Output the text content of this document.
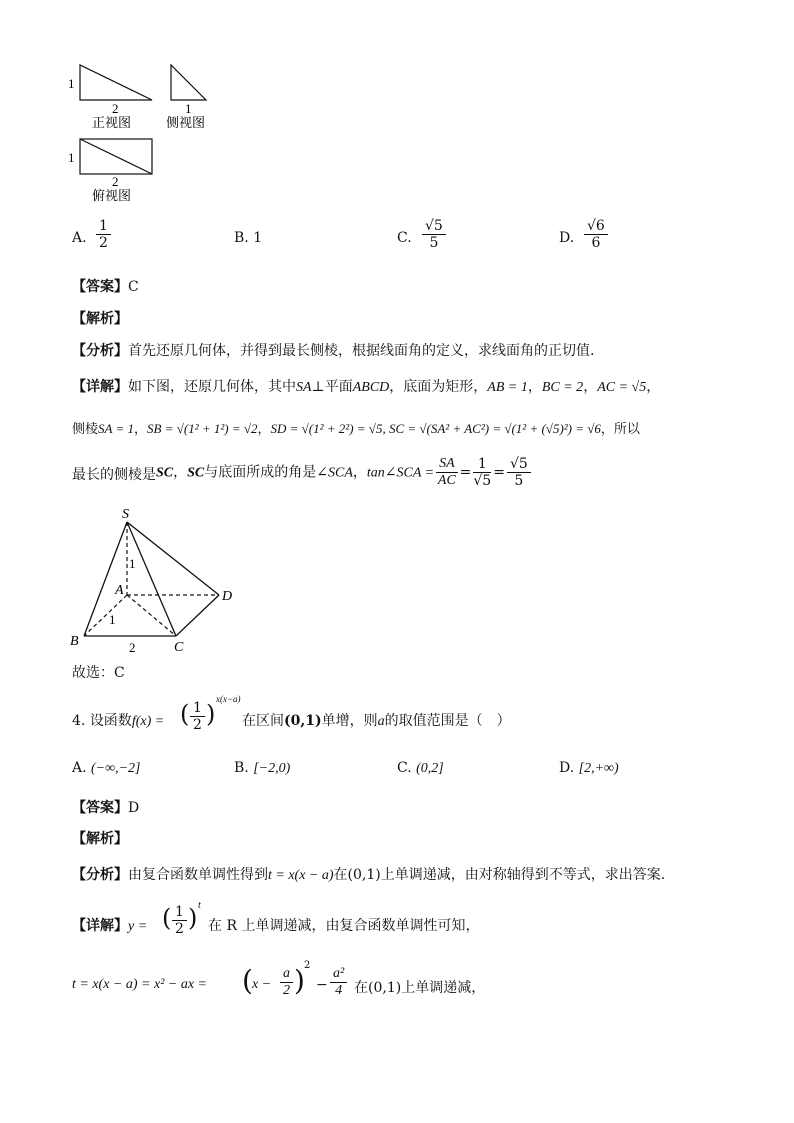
1
2
正视图
1
侧视图
1
2
俯视图
A. $\frac{1}{2}$	B. 1	C. $\frac{√5}{5}$	D. $\frac{√6}{6}$
【答案】C
【解析】
【分析】首先还原几何体，并得到最长侧棱，根据线面角的定义，求线面角的正切值.
【详解】如下图，还原几何体，其中SA⊥平面ABCD，底面为矩形，AB = 1，BC = 2，AC = √5，
侧棱SA = 1，SB = √(1² + 1²) = √2，SD = √(1² + 2²) = √5, SC = √(SA² + AC²) = √(1² + (√5)²) = √6，所以
最长的侧棱是SC，SC与底面所成的角是∠SCA，tan∠SCA = $\frac{SA}{AC} = \frac{1}{√5} = \frac{√5}{5}$
S
A
B	C
D
1
1
2
故选：C
4. 设函数f(x) = ( $\frac{1}{2}$ )
x(x−a)
在区间(0,1)单增，则a的取值范围是（　）
A. (−∞,−2]	B. [−2,0)	C. (0,2]	D. [2,+∞)
【答案】D
【解析】
【分析】由复合函数单调性得到t = x(x − a)在(0,1)上单调递减，由对称轴得到不等式，求出答案.
【详解】y = ( $\frac{1}{2}$ ) t
在 R 上单调递减，由复合函数单调性可知，
t = x(x − a) = x² − ax = ( $x - \frac{a}{2}$ ) 2
− $\frac{\text{a²}}{4}$ 在(0,1)上单调递减，
